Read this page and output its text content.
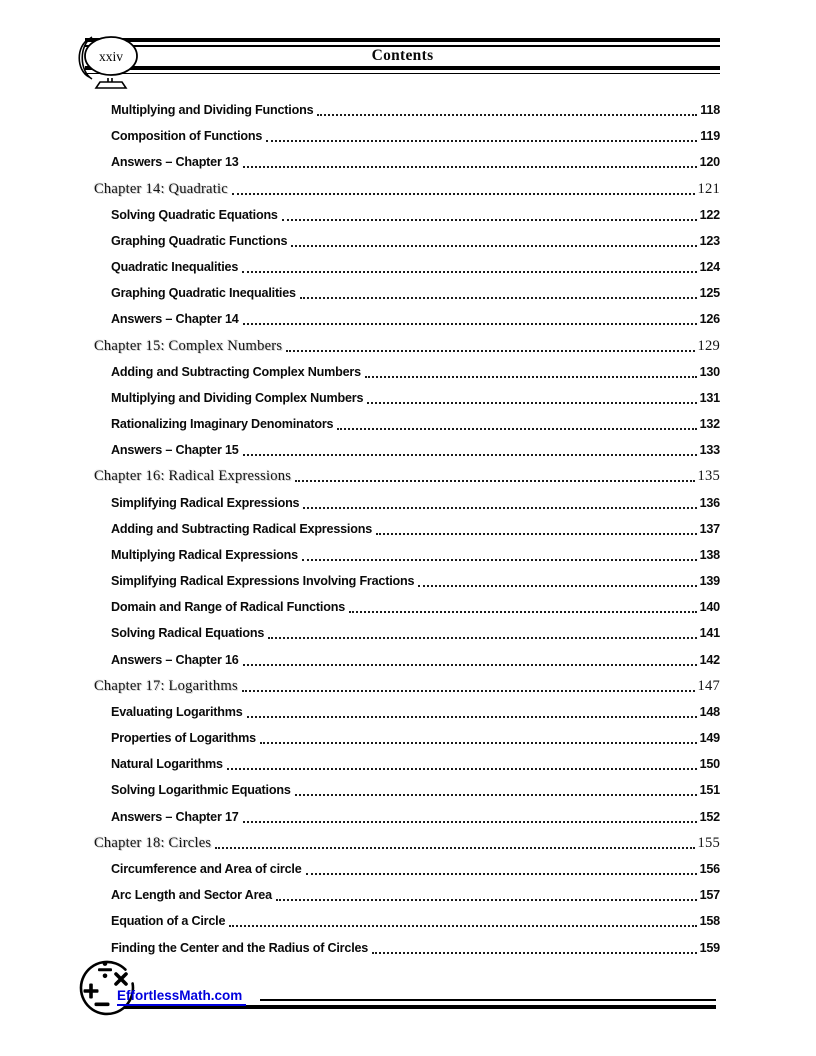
Contents
xxiv
Multiplying and Dividing Functions	118
Composition of Functions	119
Answers – Chapter 13	120
Chapter 14: Quadratic	121
Solving Quadratic Equations	122
Graphing Quadratic Functions	123
Quadratic Inequalities	124
Graphing Quadratic Inequalities	125
Answers – Chapter 14	126
Chapter 15: Complex Numbers	129
Adding and Subtracting Complex Numbers	130
Multiplying and Dividing Complex Numbers	131
Rationalizing Imaginary Denominators	132
Answers – Chapter 15	133
Chapter 16: Radical Expressions	135
Simplifying Radical Expressions	136
Adding and Subtracting Radical Expressions	137
Multiplying Radical Expressions	138
Simplifying Radical Expressions Involving Fractions	139
Domain and Range of Radical Functions	140
Solving Radical Equations	141
Answers – Chapter 16	142
Chapter 17: Logarithms	147
Evaluating Logarithms	148
Properties of Logarithms	149
Natural Logarithms	150
Solving Logarithmic Equations	151
Answers – Chapter 17	152
Chapter 18: Circles	155
Circumference and Area of circle	156
Arc Length and Sector Area	157
Equation of a Circle	158
Finding the Center and the Radius of Circles	159
EffortlessMath.com
